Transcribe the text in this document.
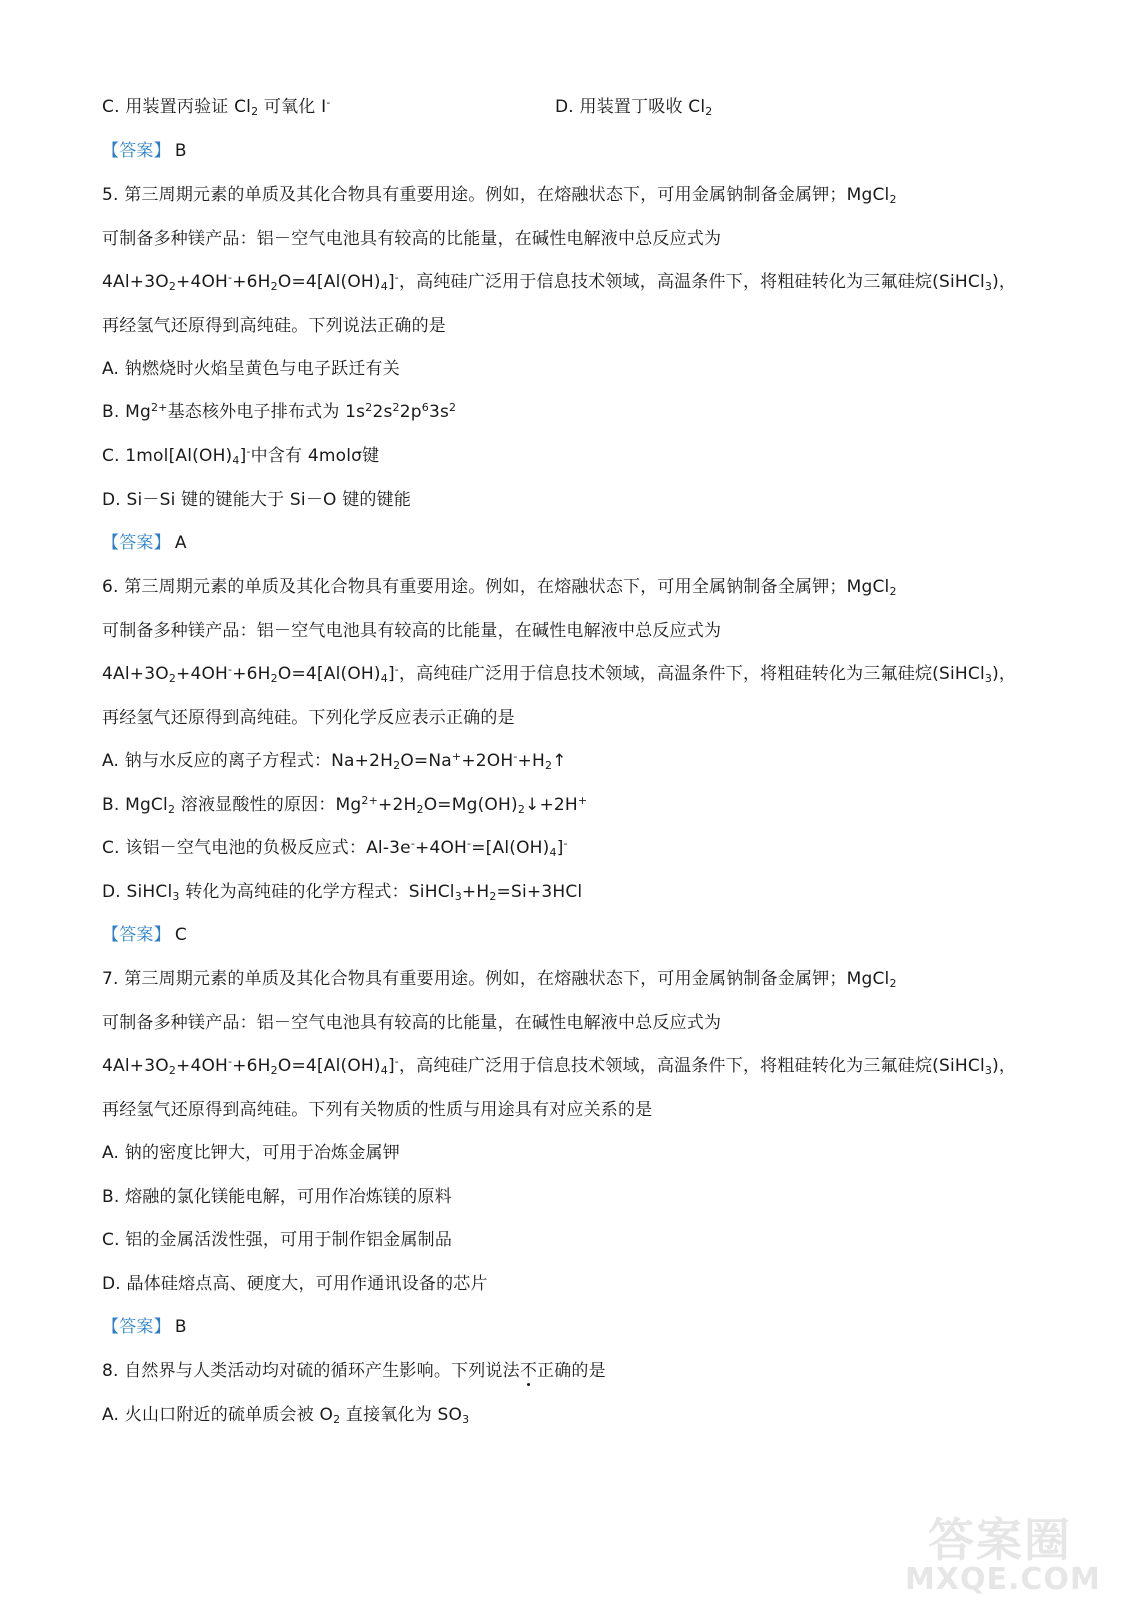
C. 用装置丙验证 $Cl_2$ 可氧化 I-	D. 用装置丁吸收 $Cl_2$
【答案】 B
5. 第三周期元素的单质及其化合物具有重要用途。例如，在熔融状态下，可用金属钠制备金属钾；MgCl$_2$
可制备多种镁产品：铝－空气电池具有较高的比能量，在碱性电解液中总反应式为
$4Al+3O_2+4OH^-+6H_2O=4[Al(OH)_4]^-$，高纯硅广泛用于信息技术领域，高温条件下，将粗硅转化为三氟硅烷(SiHCl$_3$)，
再经氢气还原得到高纯硅。下列说法正确的是
A. 钠燃烧时火焰呈黄色与电子跃迁有关
B. $Mg^{2+}$基态核外电子排布式为 $1s^22s^22p^63s^2$
C. $1mol[Al(OH)_4]^-$中含有 4molσ键
D. Si－Si 键的键能大于 Si－O 键的键能
【答案】 A
6. 第三周期元素的单质及其化合物具有重要用途。例如，在熔融状态下，可用全属钠制备全属钾；MgCl$_2$
可制备多种镁产品：铝－空气电池具有较高的比能量，在碱性电解液中总反应式为
$4Al+3O_2+4OH^-+6H_2O=4[Al(OH)_4]^-$，高纯硅广泛用于信息技术领域，高温条件下，将粗硅转化为三氟硅烷(SiHCl$_3$)，
再经氢气还原得到高纯硅。下列化学反应表示正确的是
A. 钠与水反应的离子方程式：$Na+2H_2O=Na^++2OH^-+H_2↑$
B. MgCl$_2$ 溶液显酸性的原因：$Mg^{2+}+2H_2O=Mg(OH)_2↓+2H^+$
C. 该铝－空气电池的负极反应式：$Al-3e^-+4OH^-=[Al(OH)_4]^-$
D. SiHCl$_3$ 转化为高纯硅的化学方程式：$SiHCl_3+H_2=Si+3HCl$
【答案】 C
7. 第三周期元素的单质及其化合物具有重要用途。例如，在熔融状态下，可用金属钠制备金属钾；MgCl$_2$
可制备多种镁产品：铝－空气电池具有较高的比能量，在碱性电解液中总反应式为
$4Al+3O_2+4OH^-+6H_2O=4[Al(OH)_4]^-$，高纯硅广泛用于信息技术领域，高温条件下，将粗硅转化为三氟硅烷(SiHCl$_3$)，
再经氢气还原得到高纯硅。下列有关物质的性质与用途具有对应关系的是
A. 钠的密度比钾大，可用于冶炼金属钾
B. 熔融的氯化镁能电解，可用作冶炼镁的原料
C. 铝的金属活泼性强，可用于制作铝金属制品
D. 晶体硅熔点高、硬度大，可用作通讯设备的芯片
【答案】 B
8. 自然界与人类活动均对硫的循环产生影响。下列说法不正确的是
A. 火山口附近的硫单质会被 $O_2$ 直接氧化为 $SO_3$
答案圈
MXQE.COM
